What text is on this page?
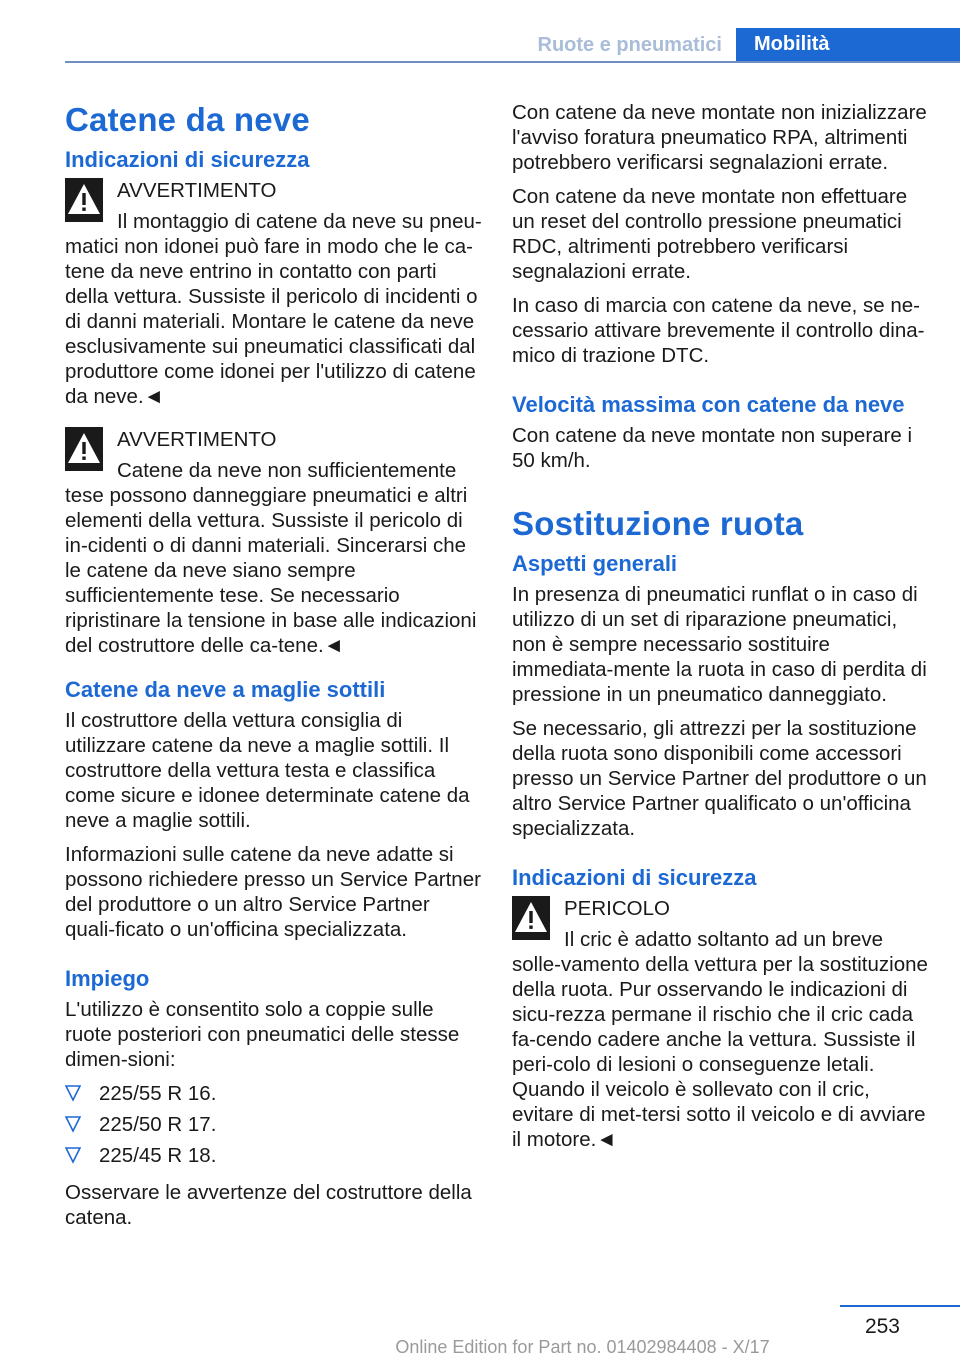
Ruote e pneumatici	Mobilità
Catene da neve
Indicazioni di sicurezza
AVVERTIMENTO
Il montaggio di catene da neve su pneu-matici non idonei può fare in modo che le ca-tene da neve entrino in contatto con parti della vettura. Sussiste il pericolo di incidenti o di danni materiali. Montare le catene da neve esclusivamente sui pneumatici classificati dal produttore come idonei per l'utilizzo di catene da neve.◄
AVVERTIMENTO
Catene da neve non sufficientemente tese possono danneggiare pneumatici e altri elementi della vettura. Sussiste il pericolo di in-cidenti o di danni materiali. Sincerarsi che le catene da neve siano sempre sufficientemente tese. Se necessario ripristinare la tensione in base alle indicazioni del costruttore delle ca-tene.◄
Catene da neve a maglie sottili

Il costruttore della vettura consiglia di utilizzare catene da neve a maglie sottili. Il costruttore della vettura testa e classifica come sicure e idonee determinate catene da neve a maglie sottili.

Informazioni sulle catene da neve adatte si possono richiedere presso un Service Partner del produttore o un altro Service Partner quali-ficato o un'officina specializzata.

Impiego

L'utilizzo è consentito solo a coppie sulle ruote posteriori con pneumatici delle stesse dimen-sioni:

225/55 R 16.
225/50 R 17.
225/45 R 18.

Osservare le avvertenze del costruttore della catena.

Con catene da neve montate non inizializzare l'avviso foratura pneumatico RPA, altrimenti potrebbero verificarsi segnalazioni errate.

Con catene da neve montate non effettuare un reset del controllo pressione pneumatici RDC, altrimenti potrebbero verificarsi segnalazioni errate.

In caso di marcia con catene da neve, se ne-cessario attivare brevemente il controllo dina-mico di trazione DTC.

Velocità massima con catene da neve

Con catene da neve montate non superare i 50 km/h.

Sostituzione ruota
Aspetti generali

In presenza di pneumatici runflat o in caso di utilizzo di un set di riparazione pneumatici, non è sempre necessario sostituire immediata-mente la ruota in caso di perdita di pressione in un pneumatico danneggiato.

Se necessario, gli attrezzi per la sostituzione della ruota sono disponibili come accessori presso un Service Partner del produttore o un altro Service Partner qualificato o un'officina specializzata.

Indicazioni di sicurezza
PERICOLO
Il cric è adatto soltanto ad un breve solle-vamento della vettura per la sostituzione della ruota. Pur osservando le indicazioni di sicu-rezza permane il rischio che il cric cada fa-cendo cadere anche la vettura. Sussiste il peri-colo di lesioni o conseguenze letali. Quando il veicolo è sollevato con il cric, evitare di met-tersi sotto il veicolo e di avviare il motore.◄
253
Online Edition for Part no. 01402984408 - X/17
